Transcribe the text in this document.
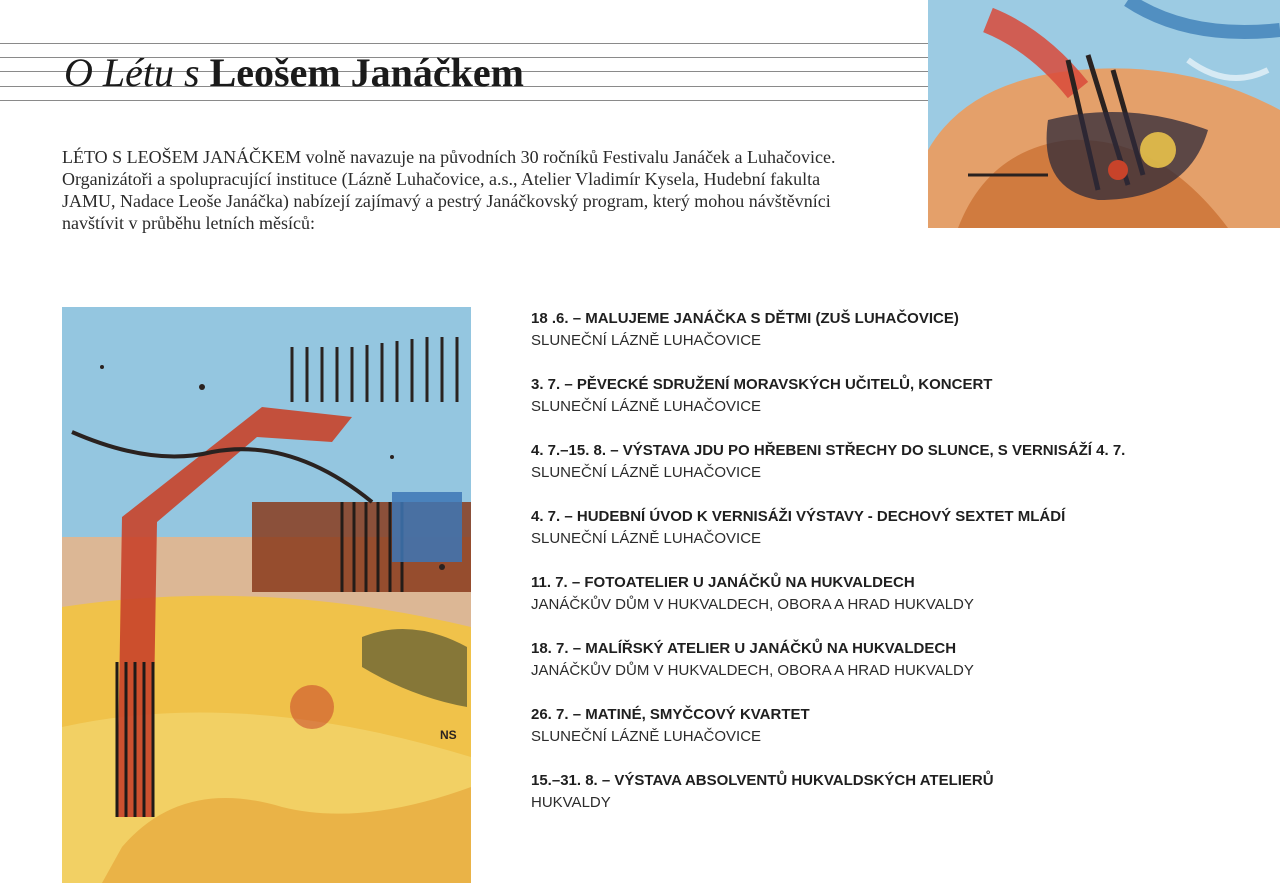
O Létu s Leošem Janáčkem

LÉTO S LEOŠEM JANÁČKEM volně navazuje na původních 30 ročníků Festivalu Janáček a Luhačovice. Organizátoři a spolupracující instituce (Lázně Luhačovice, a.s., Atelier Vladimír Kysela, Hudební fakulta JAMU, Nadace Leoše Janáčka) nabízejí zajímavý a pestrý Janáčkovský program, který mohou návštěvníci navštívit v průběhu letních měsíců:

NS
18 .6. – MALUJEME JANÁČKA S DĚTMI (ZUŠ LUHAČOVICE)
SLUNEČNÍ LÁZNĚ LUHAČOVICE
3. 7. – PĚVECKÉ SDRUŽENÍ MORAVSKÝCH UČITELŮ, KONCERT
SLUNEČNÍ LÁZNĚ LUHAČOVICE
4. 7.–15. 8. – VÝSTAVA JDU PO HŘEBENI STŘECHY DO SLUNCE, S VERNISÁŽÍ 4. 7.
SLUNEČNÍ LÁZNĚ LUHAČOVICE
4. 7. – HUDEBNÍ ÚVOD K VERNISÁŽI VÝSTAVY - DECHOVÝ SEXTET MLÁDÍ
SLUNEČNÍ LÁZNĚ LUHAČOVICE
11. 7. – FOTOATELIER U JANÁČKŮ NA HUKVALDECH
JANÁČKŮV DŮM V HUKVALDECH, OBORA A HRAD HUKVALDY
18. 7. – MALÍŘSKÝ ATELIER U JANÁČKŮ NA HUKVALDECH
JANÁČKŮV DŮM V HUKVALDECH, OBORA A HRAD HUKVALDY
26. 7. – MATINÉ, SMYČCOVÝ KVARTET
SLUNEČNÍ LÁZNĚ LUHAČOVICE
15.–31. 8. – VÝSTAVA ABSOLVENTŮ HUKVALDSKÝCH ATELIERŮ
HUKVALDY
